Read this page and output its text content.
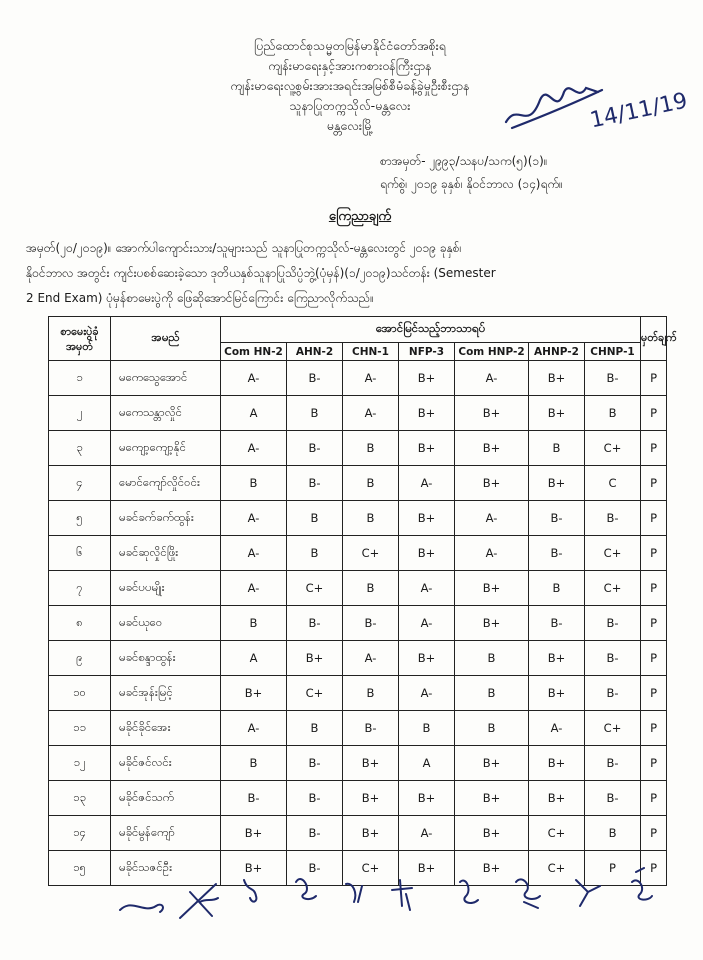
ပြည်ထောင်စုသမ္မတမြန်မာနိုင်ငံတော်အစိုးရ
ကျန်းမာရေးနှင့်အားကစားဝန်ကြီးဌာန
ကျန်းမာရေးလူ့စွမ်းအားအရင်းအမြစ်စီမံခန့်ခွဲမှုဦးစီးဌာန
သူနာပြုတက္ကသိုလ်-မန္တလေး
မန္တလေးမြို့	14/11/19
စာအမှတ်- ၂၉၉၃/သနပ/သက(၅)(၁)။
ရက်စွဲ၊ ၂၀၁၉ ခုနှစ်၊ နိုဝင်ဘာလ (၁၄)ရက်။
ကြေညာချက်
အမှတ်(၂၀/၂၀၁၉)။ အောက်ပါကျောင်းသား/သူများသည် သူနာပြုတက္ကသိုလ်-မန္တလေးတွင် ၂၀၁၉ ခုနှစ်၊
နိုဝင်ဘာလ အတွင်း ကျင်းပစစ်ဆေးခဲ့သော ဒုတိယနှစ်သူနာပြုသိပ္ပံဘွဲ့(ပုံမှန်)(၁/၂၀၁၉)သင်တန်း (Semester
2 End Exam) ပုံမှန်စာမေးပွဲကို ဖြေဆိုအောင်မြင်ကြောင်း ကြေညာလိုက်သည်။
စာမေးပွဲခုံအမှတ်	အမည်	အောင်မြင်သည့်ဘာသာရပ်							မှတ်ချက်
		Com HN-2	AHN-2	CHN-1	NFP-3	Com HNP-2	AHNP-2	CHNP-1	
၁	မကေသွေအောင်	A-	B-	A-	B+	A-	B+	B-	P
၂	မကေသန္တာလှိုင်	A	B	A-	B+	B+	B+	B	P
၃	မကျော့ကျော့နိုင်	A-	B-	B	B+	B+	B	C+	P
၄	မောင်ကျော်လှိုင်ဝင်း	B	B-	B	A-	B+	B+	C	P
၅	မခင်ခက်ခက်ထွန်း	A-	B	B	B+	A-	B-	B-	P
၆	မခင်ဆုလှိုင်ဖြိုး	A-	B	C+	B+	A-	B-	C+	P
၇	မခင်ပပမျိုး	A-	C+	B	A-	B+	B	C+	P
၈	မခင်ယုဝေ	B	B-	B-	A-	B+	B-	B-	P
၉	မခင်စန္ဒာထွန်း	A	B+	A-	B+	B	B+	B-	P
၁၀	မခင်အုန်းမြင့်	B+	C+	B	A-	B	B+	B-	P
၁၁	မခိုင်ခိုင်အေး	A-	B	B-	B	B	A-	C+	P
၁၂	မခိုင်ဇင်လင်း	B	B-	B+	A	B+	B+	B-	P
၁၃	မခိုင်ဇင်သက်	B-	B-	B+	B+	B+	B+	B-	P
၁၄	မခိုင်မွန်ကျော်	B+	B-	B+	A-	B+	C+	B	P
၁၅	မခိုင်သဇင်ဦး	B+	B-	C+	B+	B+	C+	P	P
